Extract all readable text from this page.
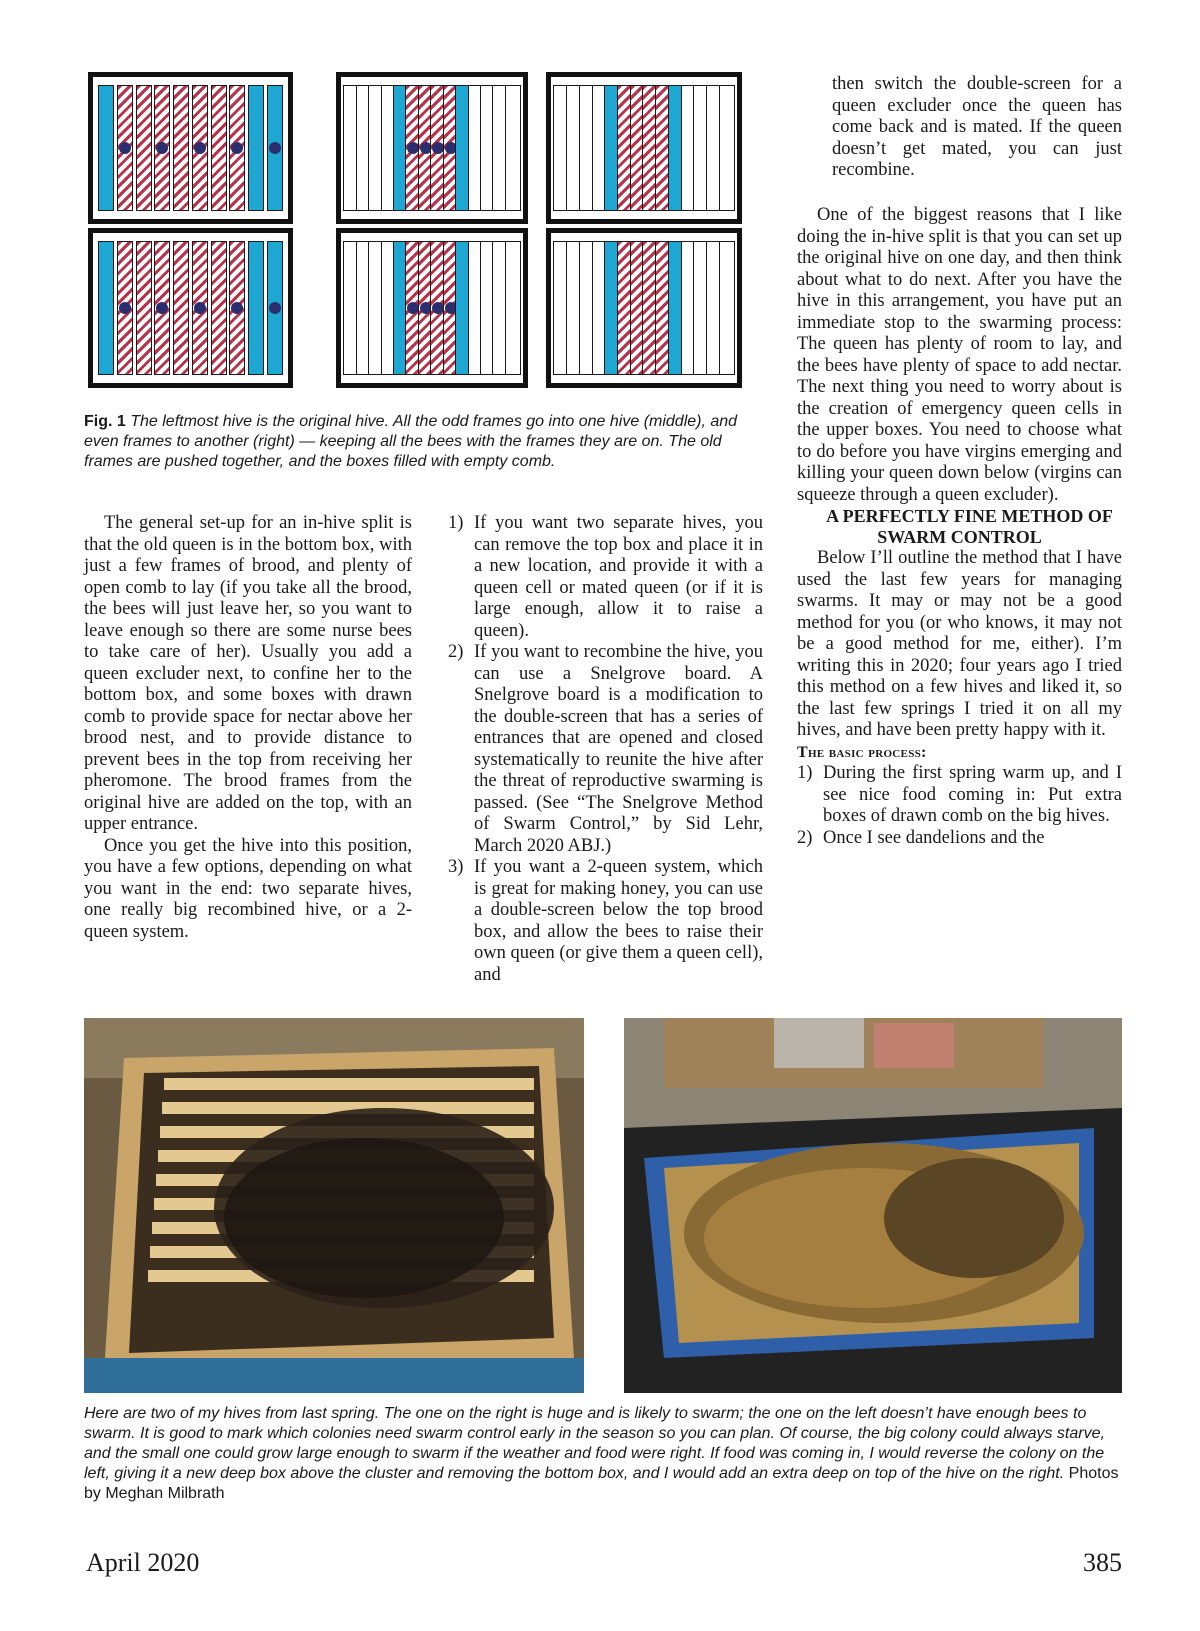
Fig. 1 The leftmost hive is the original hive. All the odd frames go into one hive (middle), and even frames to another (right) — keeping all the bees with the frames they are on. The old frames are pushed together, and the boxes filled with empty comb.

then switch the double-screen for a queen excluder once the queen has come back and is mated. If the queen doesn’t get mated, you can just recombine.

One of the biggest reasons that I like doing the in-hive split is that you can set up the original hive on one day, and then think about what to do next. After you have the hive in this arrangement, you have put an immediate stop to the swarming process: The queen has plenty of room to lay, and the bees have plenty of space to add nectar. The next thing you need to worry about is the creation of emergency queen cells in the upper boxes. You need to choose what to do before you have virgins emerging and killing your queen down below (virgins can squeeze through a queen excluder).

A PERFECTLY FINE METHOD OF SWARM CONTROL

Below I’ll outline the method that I have used the last few years for managing swarms. It may or may not be a good method for you (or who knows, it may not be a good method for me, either). I’m writing this in 2020; four years ago I tried this method on a few hives and liked it, so the last few springs I tried it on all my hives, and have been pretty happy with it.

The basic process:

1) During the first spring warm up, and I see nice food coming in: Put extra boxes of drawn comb on the big hives.
2) Once I see dandelions and the

The general set-up for an in-hive split is that the old queen is in the bottom box, with just a few frames of brood, and plenty of open comb to lay (if you take all the brood, the bees will just leave her, so you want to leave enough so there are some nurse bees to take care of her). Usually you add a queen excluder next, to confine her to the bottom box, and some boxes with drawn comb to provide space for nectar above her brood nest, and to provide distance to prevent bees in the top from receiving her pheromone. The brood frames from the original hive are added on the top, with an upper entrance.

Once you get the hive into this position, you have a few options, depending on what you want in the end: two separate hives, one really big recombined hive, or a 2-queen system.

1) If you want two separate hives, you can remove the top box and place it in a new location, and provide it with a queen cell or mated queen (or if it is large enough, allow it to raise a queen).
2) If you want to recombine the hive, you can use a Snelgrove board. A Snelgrove board is a modification to the double-screen that has a series of entrances that are opened and closed systematically to reunite the hive after the threat of reproductive swarming is passed. (See “The Snelgrove Method of Swarm Control,” by Sid Lehr, March 2020 ABJ.)
3) If you want a 2-queen system, which is great for making honey, you can use a double-screen below the top brood box, and allow the bees to raise their own queen (or give them a queen cell), and
Here are two of my hives from last spring. The one on the right is huge and is likely to swarm; the one on the left doesn’t have enough bees to swarm. It is good to mark which colonies need swarm control early in the season so you can plan. Of course, the big colony could always starve, and the small one could grow large enough to swarm if the weather and food were right. If food was coming in, I would reverse the colony on the left, giving it a new deep box above the cluster and removing the bottom box, and I would add an extra deep on top of the hive on the right. Photos by Meghan Milbrath
April 2020	385
